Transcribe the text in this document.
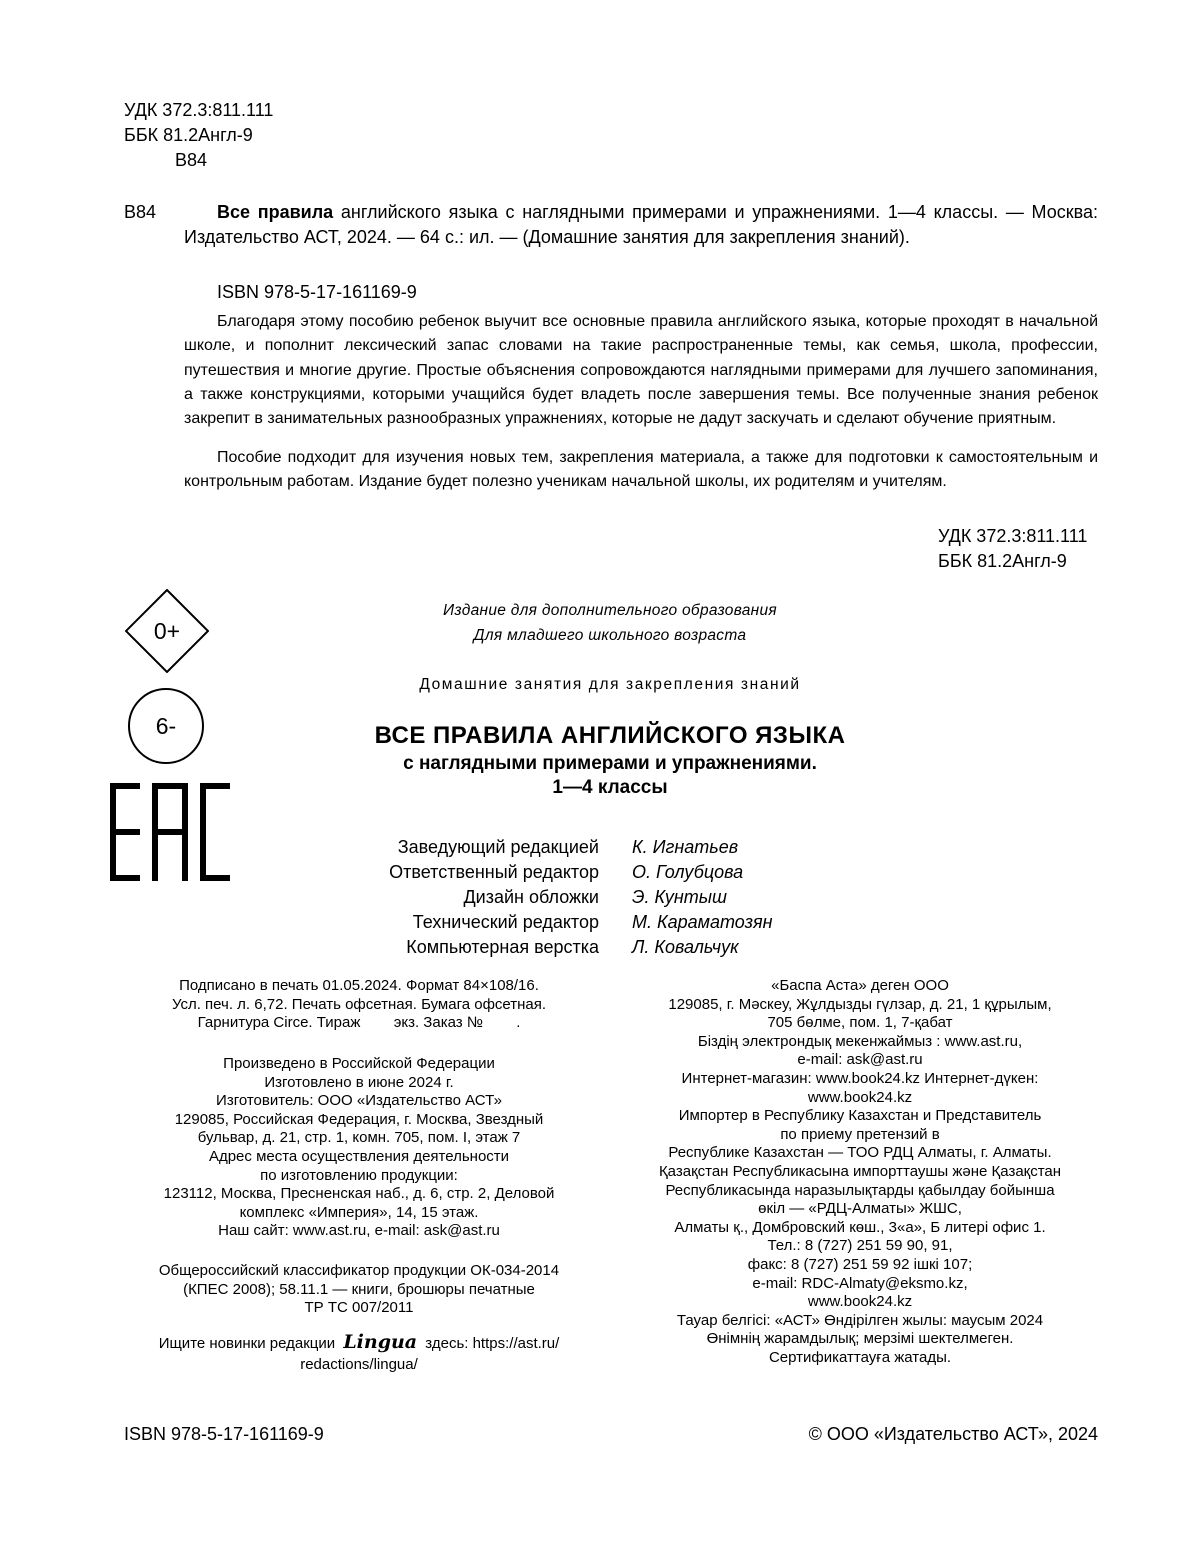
УДК 372.3:811.111
ББК 81.2Англ-9
В84
В84	Все правила английского языка с наглядными примерами и упражнениями. 1—4 классы. — Москва: Издательство АСТ, 2024. — 64 с.: ил. — (Домашние занятия для закрепления знаний).
ISBN 978-5-17-161169-9
Благодаря этому пособию ребенок выучит все основные правила английского языка, которые проходят в начальной школе, и пополнит лексический запас словами на такие распространенные темы, как семья, школа, профессии, путешествия и многие другие. Простые объяснения сопровождаются наглядными примерами для лучшего запоминания, а также конструкциями, которыми учащийся будет владеть после завершения темы. Все полученные знания ребенок закрепит в занимательных разнообразных упражнениях, которые не дадут заскучать и сделают обучение приятным.
Пособие подходит для изучения новых тем, закрепления материала, а также для подготовки к самостоятельным и контрольным работам. Издание будет полезно ученикам начальной школы, их родителям и учителям.
УДК 372.3:811.111
ББК 81.2Англ-9
0+
6-
Издание для дополнительного образования
Для младшего школьного возраста
Домашние занятия для закрепления знаний
ВСЕ ПРАВИЛА АНГЛИЙСКОГО ЯЗЫКА
с наглядными примерами и упражнениями.
1—4 классы
Заведующий редакцией	К. Игнатьев
Ответственный редактор	О. Голубцова
Дизайн обложки	Э. Кунтыш
Технический редактор	М. Караматозян
Компьютерная верстка	Л. Ковальчук
Подписано в печать 01.05.2024. Формат 84×108/16.
Усл. печ. л. 6,72. Печать офсетная. Бумага офсетная.
Гарнитура Circe. Тираж        экз. Заказ №        .
Произведено в Российской Федерации
Изготовлено в июне 2024 г.
Изготовитель: ООО «Издательство АСТ»
129085, Российская Федерация, г. Москва, Звездный
бульвар, д. 21, стр. 1, комн. 705, пом. I, этаж 7
Адрес места осуществления деятельности
по изготовлению продукции:
123112, Москва, Пресненская наб., д. 6, стр. 2, Деловой
комплекс «Империя», 14, 15 этаж.
Наш сайт: www.ast.ru, e-mail: ask@ast.ru
Общероссийский классификатор продукции ОК-034-2014
(КПЕС 2008); 58.11.1 — книги, брошюры печатные
ТР ТС 007/2011
Ищите новинки редакции Lingua здесь: https://ast.ru/
redactions/lingua/
«Баспа Аста» деген ООО
129085, г. Мәскеу, Жұлдызды гүлзар, д. 21, 1 құрылым,
705 бөлме, пом. 1, 7-қабат
Біздің электрондық мекенжаймыз : www.ast.ru,
e-mail: ask@ast.ru
Интернет-магазин: www.book24.kz Интернет-дүкен:
www.book24.kz
Импортер в Республику Казахстан и Представитель
по приему претензий в
Республике Казахстан — ТОО РДЦ Алматы, г. Алматы.
Қазақстан Республикасына импорттаушы және Қазақстан
Республикасында наразылықтарды қабылдау бойынша
өкіл — «РДЦ-Алматы» ЖШС,
Алматы қ., Домбровский көш., 3«а», Б литері офис 1.
Тел.: 8 (727) 251 59 90, 91,
факс: 8 (727) 251 59 92 ішкі 107;
e-mail: RDC-Almaty@eksmo.kz,
www.book24.kz
Тауар белгісі: «АСТ» Өндірілген жылы: маусым 2024
Өнімнің жарамдылық; мерзімі шектелмеген.
Сертификаттауға жатады.
ISBN 978-5-17-161169-9	© ООО «Издательство АСТ», 2024
